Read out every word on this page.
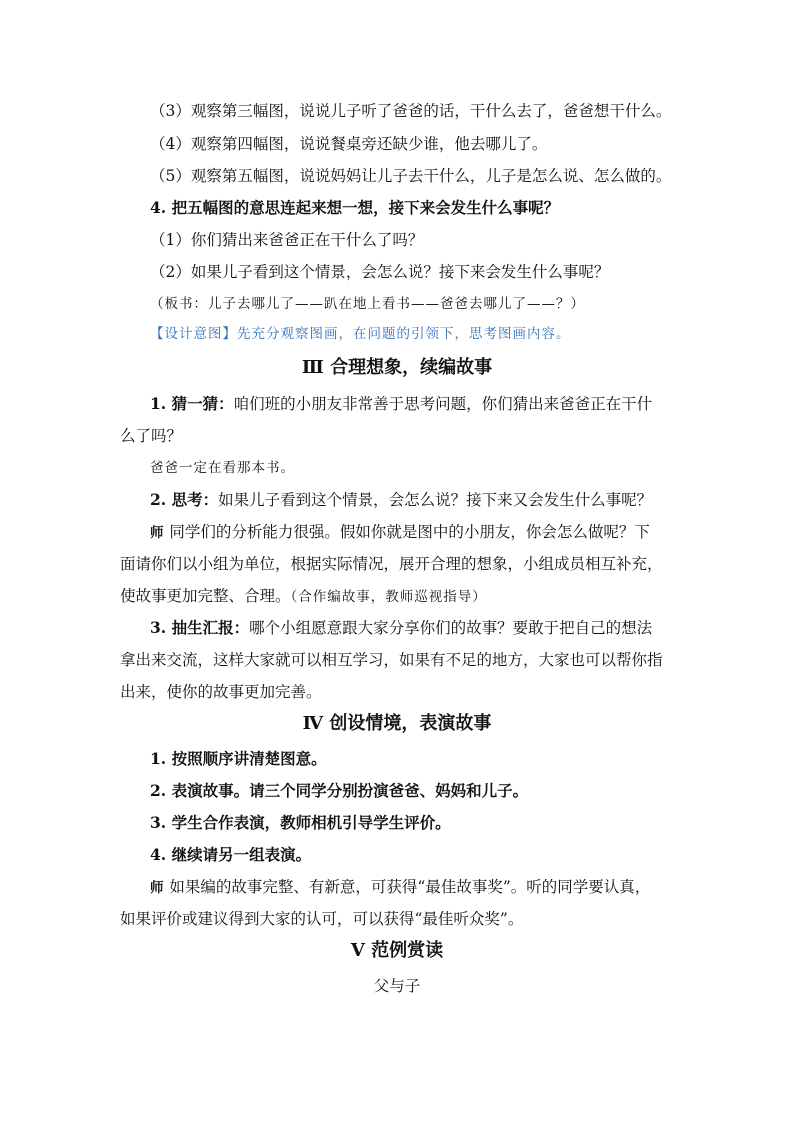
（3）观察第三幅图，说说儿子听了爸爸的话，干什么去了，爸爸想干什么。
（4）观察第四幅图，说说餐桌旁还缺少谁，他去哪儿了。
（5）观察第五幅图，说说妈妈让儿子去干什么，儿子是怎么说、怎么做的。
4. 把五幅图的意思连起来想一想，接下来会发生什么事呢？
（1）你们猜出来爸爸正在干什么了吗？
（2）如果儿子看到这个情景，会怎么说？接下来会发生什么事呢？
（板书：儿子去哪儿了——趴在地上看书——爸爸去哪儿了——？）
【设计意图】先充分观察图画，在问题的引领下，思考图画内容。
Ⅲ 合理想象，续编故事
1. 猜一猜：咱们班的小朋友非常善于思考问题，你们猜出来爸爸正在干什
么了吗？
爸爸一定在看那本书。
2. 思考：如果儿子看到这个情景，会怎么说？接下来又会发生什么事呢？
师 同学们的分析能力很强。假如你就是图中的小朋友，你会怎么做呢？下
面请你们以小组为单位，根据实际情况，展开合理的想象，小组成员相互补充，
使故事更加完整、合理。（合作编故事，教师巡视指导）
3. 抽生汇报：哪个小组愿意跟大家分享你们的故事？要敢于把自己的想法
拿出来交流，这样大家就可以相互学习，如果有不足的地方，大家也可以帮你指
出来，使你的故事更加完善。
Ⅳ 创设情境，表演故事
1. 按照顺序讲清楚图意。
2. 表演故事。请三个同学分别扮演爸爸、妈妈和儿子。
3. 学生合作表演，教师相机引导学生评价。
4. 继续请另一组表演。
师 如果编的故事完整、有新意，可获得“最佳故事奖”。听的同学要认真，
如果评价或建议得到大家的认可，可以获得“最佳听众奖”。
Ⅴ 范例赏读
父与子
